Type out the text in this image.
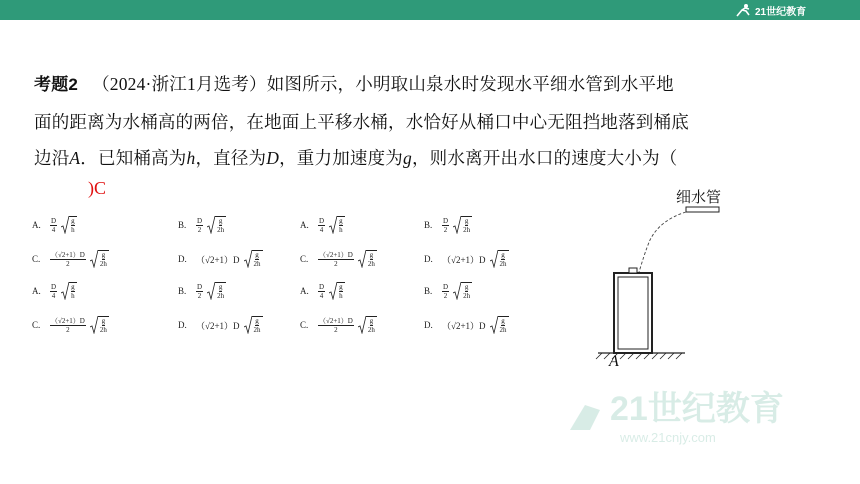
21世纪教育
考题2 （2024·浙江1月选考）如图所示，小明取山泉水时发现水平细水管到水平地
面的距离为水桶高的两倍，在地面上平移水桶，水恰好从桶口中心无阻挡地落到桶底
边沿A．已知桶高为h，直径为D，重力加速度为g，则水离开出水口的速度大小为（
)C
A.	$\frac{D}{4}$ g
h	B.	$\frac{D}{2}$ g
2h	A.	$\frac{D}{4}$ g
h	B.	$\frac{D}{2}$ g
2h
C.	$\frac{(√2+1)D}{2}$ g
2h	D.	（√2+1）D g
2h	C.	$\frac{(√2+1)D}{2}$ g
2h	D.	（√2+1）D g
2h
A.	$\frac{D}{4}$ g
h	B.	$\frac{D}{2}$ g
2h	A.	$\frac{D}{4}$ g
h	B.	$\frac{D}{2}$ g
2h
C.	$\frac{(√2+1)D}{2}$ g
2h	D.	（√2+1）D g
2h	C.	$\frac{(√2+1)D}{2}$ g
2h	D.	（√2+1）D g
2h
细水管
A
21世纪教育
www.21cnjy.com
